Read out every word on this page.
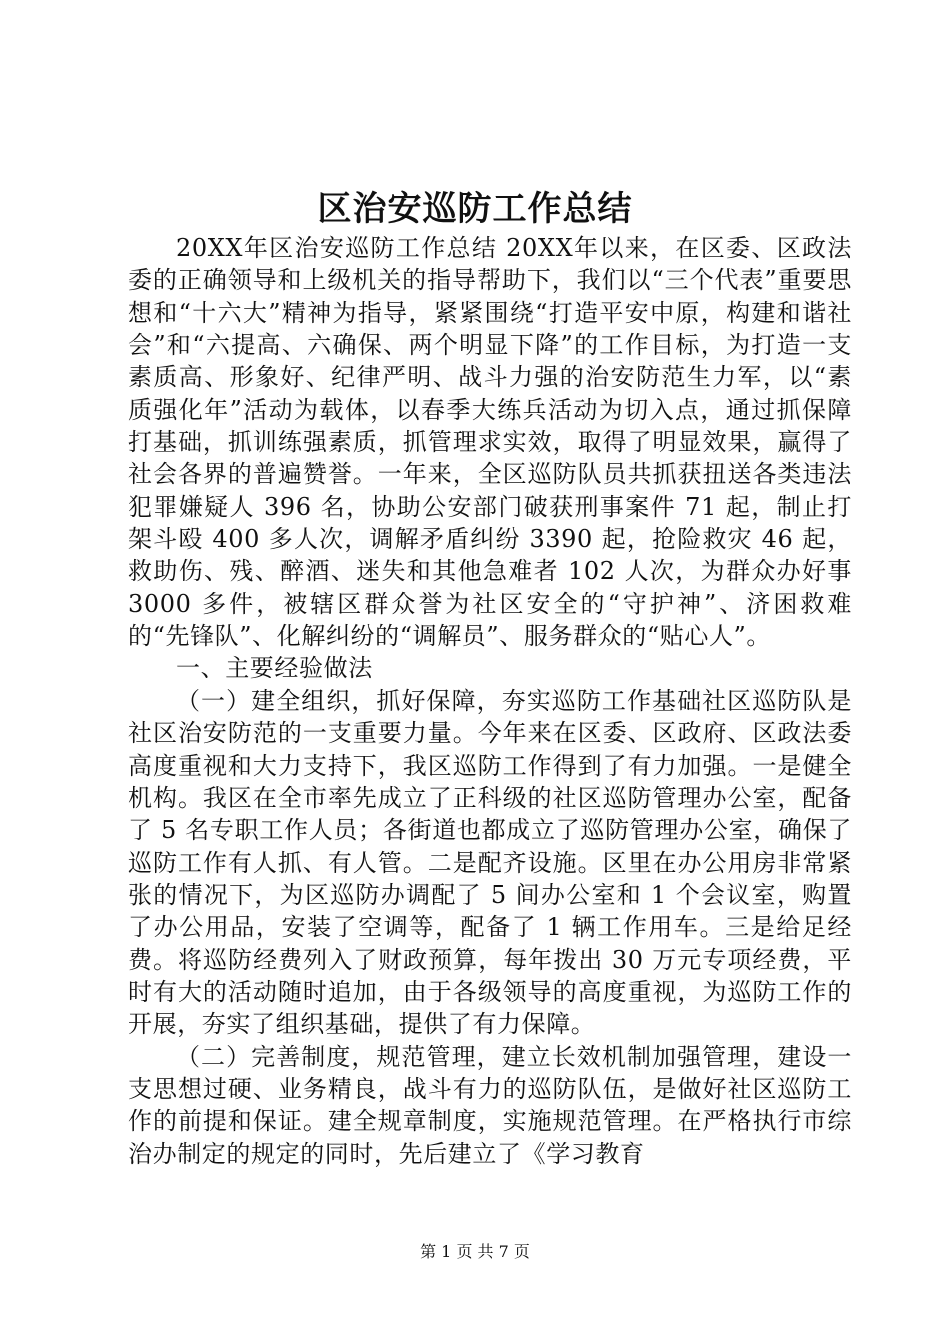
区治安巡防工作总结

20XX年区治安巡防工作总结 20XX年以来，在区委、区政法委的正确领导和上级机关的指导帮助下，我们以“三个代表”重要思想和“十六大”精神为指导，紧紧围绕“打造平安中原，构建和谐社会”和“六提高、六确保、两个明显下降”的工作目标，为打造一支素质高、形象好、纪律严明、战斗力强的治安防范生力军，以“素质强化年”活动为载体，以春季大练兵活动为切入点，通过抓保障打基础，抓训练强素质，抓管理求实效，取得了明显效果，赢得了社会各界的普遍赞誉。一年来，全区巡防队员共抓获扭送各类违法犯罪嫌疑人 396 名，协助公安部门破获刑事案件 71 起，制止打架斗殴 400 多人次，调解矛盾纠纷 3390 起，抢险救灾 46 起，救助伤、残、醉酒、迷失和其他急难者 102 人次，为群众办好事 3000 多件，被辖区群众誉为社区安全的“守护神”、济困救难的“先锋队”、化解纠纷的“调解员”、服务群众的“贴心人”。

一、主要经验做法

（一）建全组织，抓好保障，夯实巡防工作基础社区巡防队是社区治安防范的一支重要力量。今年来在区委、区政府、区政法委高度重视和大力支持下，我区巡防工作得到了有力加强。一是健全机构。我区在全市率先成立了正科级的社区巡防管理办公室，配备了 5 名专职工作人员；各街道也都成立了巡防管理办公室，确保了巡防工作有人抓、有人管。二是配齐设施。区里在办公用房非常紧张的情况下，为区巡防办调配了 5 间办公室和 1 个会议室，购置了办公用品，安装了空调等，配备了 1 辆工作用车。三是给足经费。将巡防经费列入了财政预算，每年拨出 30 万元专项经费，平时有大的活动随时追加，由于各级领导的高度重视，为巡防工作的开展，夯实了组织基础，提供了有力保障。

（二）完善制度，规范管理，建立长效机制加强管理，建设一支思想过硬、业务精良，战斗有力的巡防队伍，是做好社区巡防工作的前提和保证。建全规章制度，实施规范管理。在严格执行市综治办制定的规定的同时，先后建立了《学习教育

第 1 页 共 7 页
